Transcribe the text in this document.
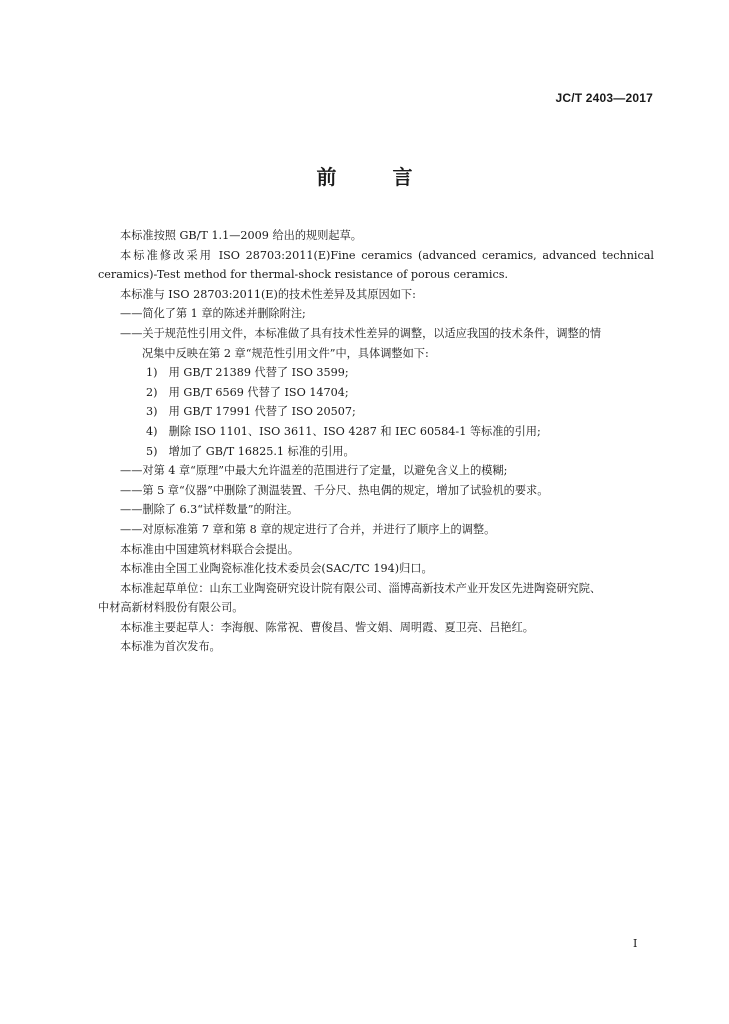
JC/T 2403—2017
前　言
本标准按照 GB/T 1.1—2009 给出的规则起草。
本标准修改采用 ISO 28703:2011(E)Fine ceramics (advanced ceramics, advanced technical
ceramics)-Test method for thermal-shock resistance of porous ceramics.
本标准与 ISO 28703:2011(E)的技术性差异及其原因如下:
——简化了第 1 章的陈述并删除附注;
——关于规范性引用文件，本标准做了具有技术性差异的调整，以适应我国的技术条件，调整的情
况集中反映在第 2 章“规范性引用文件”中，具体调整如下:
1)　用 GB/T 21389 代替了 ISO 3599;
2)　用 GB/T 6569 代替了 ISO 14704;
3)　用 GB/T 17991 代替了 ISO 20507;
4)　删除 ISO 1101、ISO 3611、ISO 4287 和 IEC 60584-1 等标准的引用;
5)　增加了 GB/T 16825.1 标准的引用。
——对第 4 章“原理”中最大允许温差的范围进行了定量，以避免含义上的模糊;
——第 5 章“仪器”中删除了测温装置、千分尺、热电偶的规定，增加了试验机的要求。
——删除了 6.3“试样数量”的附注。
——对原标准第 7 章和第 8 章的规定进行了合并，并进行了顺序上的调整。
本标准由中国建筑材料联合会提出。
本标准由全国工业陶瓷标准化技术委员会(SAC/TC 194)归口。
本标准起草单位：山东工业陶瓷研究设计院有限公司、淄博高新技术产业开发区先进陶瓷研究院、
中材高新材料股份有限公司。
本标准主要起草人：李海舰、陈常祝、曹俊昌、訾文娟、周明霞、夏卫亮、吕艳红。
本标准为首次发布。
I
